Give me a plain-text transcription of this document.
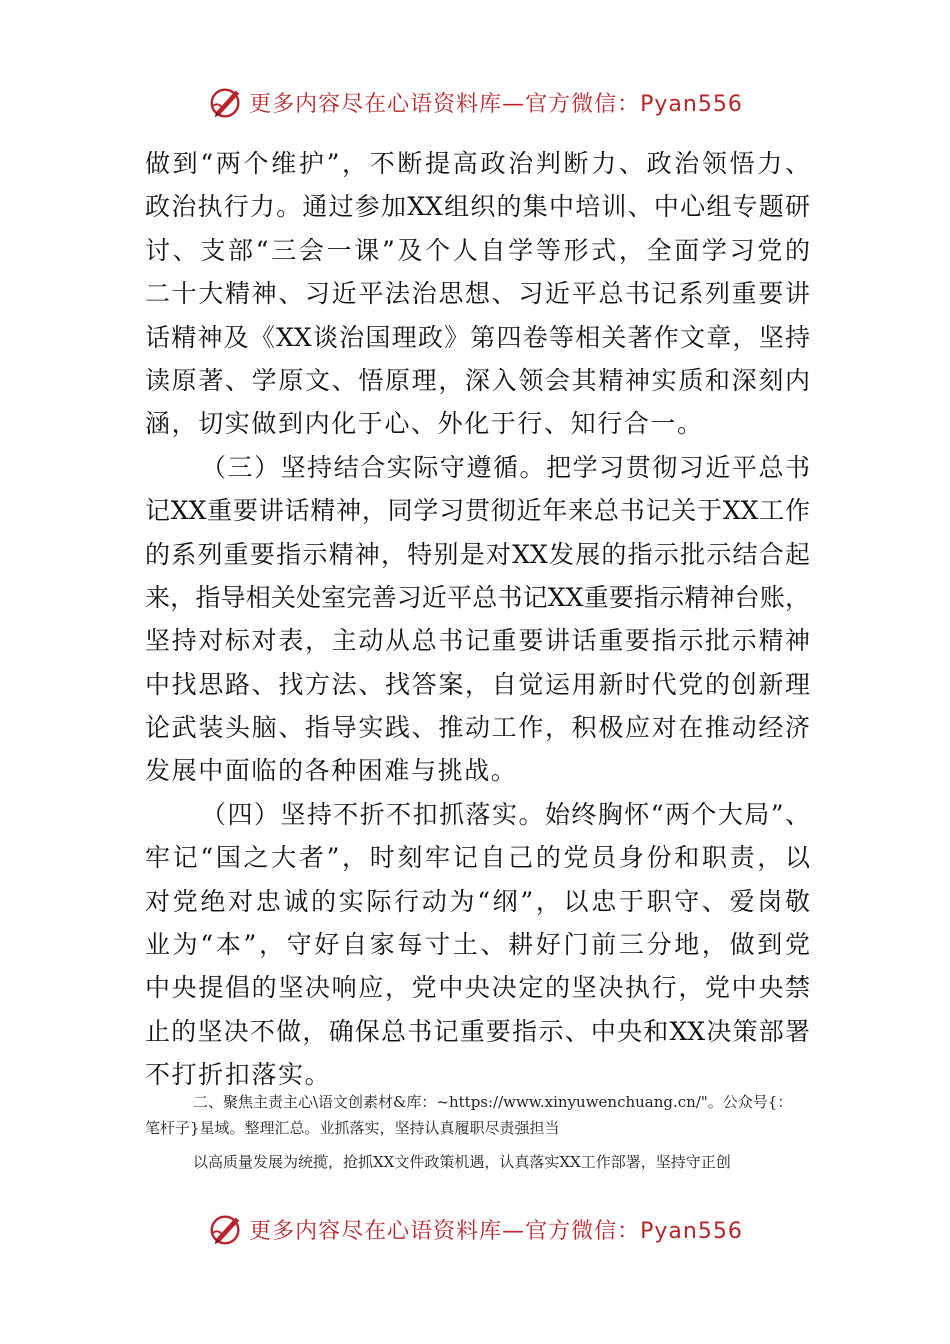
更多内容尽在心语资料库—官方微信：Pyan556
做到“两个维护”，不断提高政治判断力、政治领悟力、
政治执行力。通过参加XX组织的集中培训、中心组专题研
讨、支部“三会一课”及个人自学等形式，全面学习党的
二十大精神、习近平法治思想、习近平总书记系列重要讲
话精神及《XX谈治国理政》第四卷等相关著作文章，坚持
读原著、学原文、悟原理，深入领会其精神实质和深刻内
涵，切实做到内化于心、外化于行、知行合一。
（三）坚持结合实际守遵循。把学习贯彻习近平总书
记XX重要讲话精神，同学习贯彻近年来总书记关于XX工作
的系列重要指示精神，特别是对XX发展的指示批示结合起
来，指导相关处室完善习近平总书记XX重要指示精神台账，
坚持对标对表，主动从总书记重要讲话重要指示批示精神
中找思路、找方法、找答案，自觉运用新时代党的创新理
论武装头脑、指导实践、推动工作，积极应对在推动经济
发展中面临的各种困难与挑战。
（四）坚持不折不扣抓落实。始终胸怀“两个大局”、
牢记“国之大者”，时刻牢记自己的党员身份和职责，以
对党绝对忠诚的实际行动为“纲”，以忠于职守、爱岗敬
业为“本”，守好自家每寸土、耕好门前三分地，做到党
中央提倡的坚决响应，党中央决定的坚决执行，党中央禁
止的坚决不做，确保总书记重要指示、中央和XX决策部署
不打折扣落实。
二、聚焦主责主心\语文创素材&库：~https://www.xinyuwenchuang.cn/"。公众号{：
笔杆子}星域。整理汇总。业抓落实，坚持认真履职尽责强担当
以高质量发展为统揽，抢抓XX文件政策机遇，认真落实XX工作部署，坚持守正创
更多内容尽在心语资料库—官方微信：Pyan556
